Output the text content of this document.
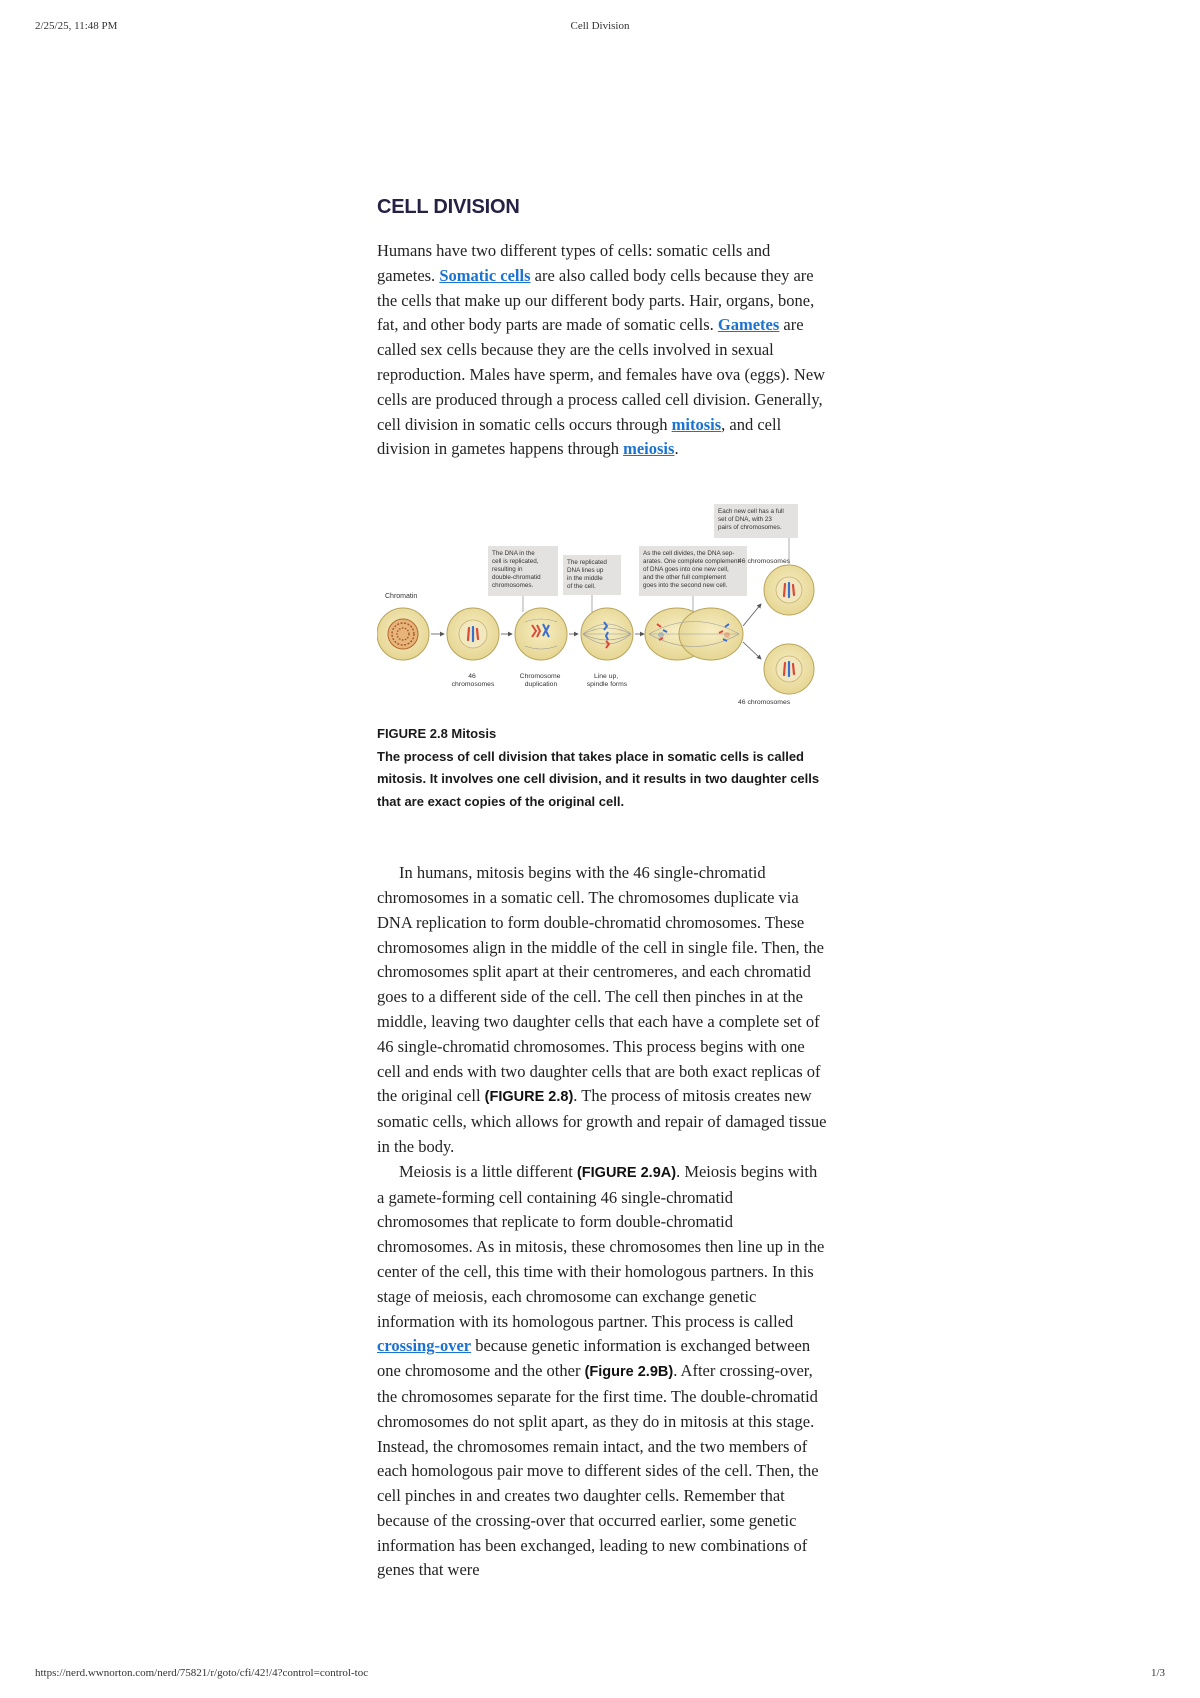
2/25/25, 11:48 PM	Cell Division
CELL DIVISION

Humans have two different types of cells: somatic cells and gametes. Somatic cells are also called body cells because they are the cells that make up our different body parts. Hair, organs, bone, fat, and other body parts are made of somatic cells. Gametes are called sex cells because they are the cells involved in sexual reproduction. Males have sperm, and females have ova (eggs). New cells are produced through a process called cell division. Generally, cell division in somatic cells occurs through mitosis, and cell division in gametes happens through meiosis.

Each new cell has a full set of DNA, with 23 pairs of chromosomes.
The DNA in the cell is replicated, resulting in double-chromatid chromosomes.
The replicated DNA lines up in the middle of the cell.
As the cell divides, the DNA sep- arates. One complete complement of DNA goes into one new cell, and the other full complement goes into the second new cell.
Chromatin
46 chromosomes
46 chromosomes
46 chromosomes
Chromosome duplication
Line up, spindle forms
FIGURE 2.8 Mitosis
The process of cell division that takes place in somatic cells is called mitosis. It involves one cell division, and it results in two daughter cells that are exact copies of the original cell.

In humans, mitosis begins with the 46 single-chromatid chromosomes in a somatic cell. The chromosomes duplicate via DNA replication to form double-chromatid chromosomes. These chromosomes align in the middle of the cell in single file. Then, the chromosomes split apart at their centromeres, and each chromatid goes to a different side of the cell. The cell then pinches in at the middle, leaving two daughter cells that each have a complete set of 46 single-chromatid chromosomes. This process begins with one cell and ends with two daughter cells that are both exact replicas of the original cell (FIGURE 2.8). The process of mitosis creates new somatic cells, which allows for growth and repair of damaged tissue in the body.

Meiosis is a little different (FIGURE 2.9A). Meiosis begins with a gamete-forming cell containing 46 single-chromatid chromosomes that replicate to form double-chromatid chromosomes. As in mitosis, these chromosomes then line up in the center of the cell, this time with their homologous partners. In this stage of meiosis, each chromosome can exchange genetic information with its homologous partner. This process is called crossing-over because genetic information is exchanged between one chromosome and the other (Figure 2.9B). After crossing-over, the chromosomes separate for the first time. The double-chromatid chromosomes do not split apart, as they do in mitosis at this stage. Instead, the chromosomes remain intact, and the two members of each homologous pair move to different sides of the cell. Then, the cell pinches in and creates two daughter cells. Remember that because of the crossing-over that occurred earlier, some genetic information has been exchanged, leading to new combinations of genes that were

https://nerd.wwnorton.com/nerd/75821/r/goto/cfi/42!/4?control=control-toc	1/3
